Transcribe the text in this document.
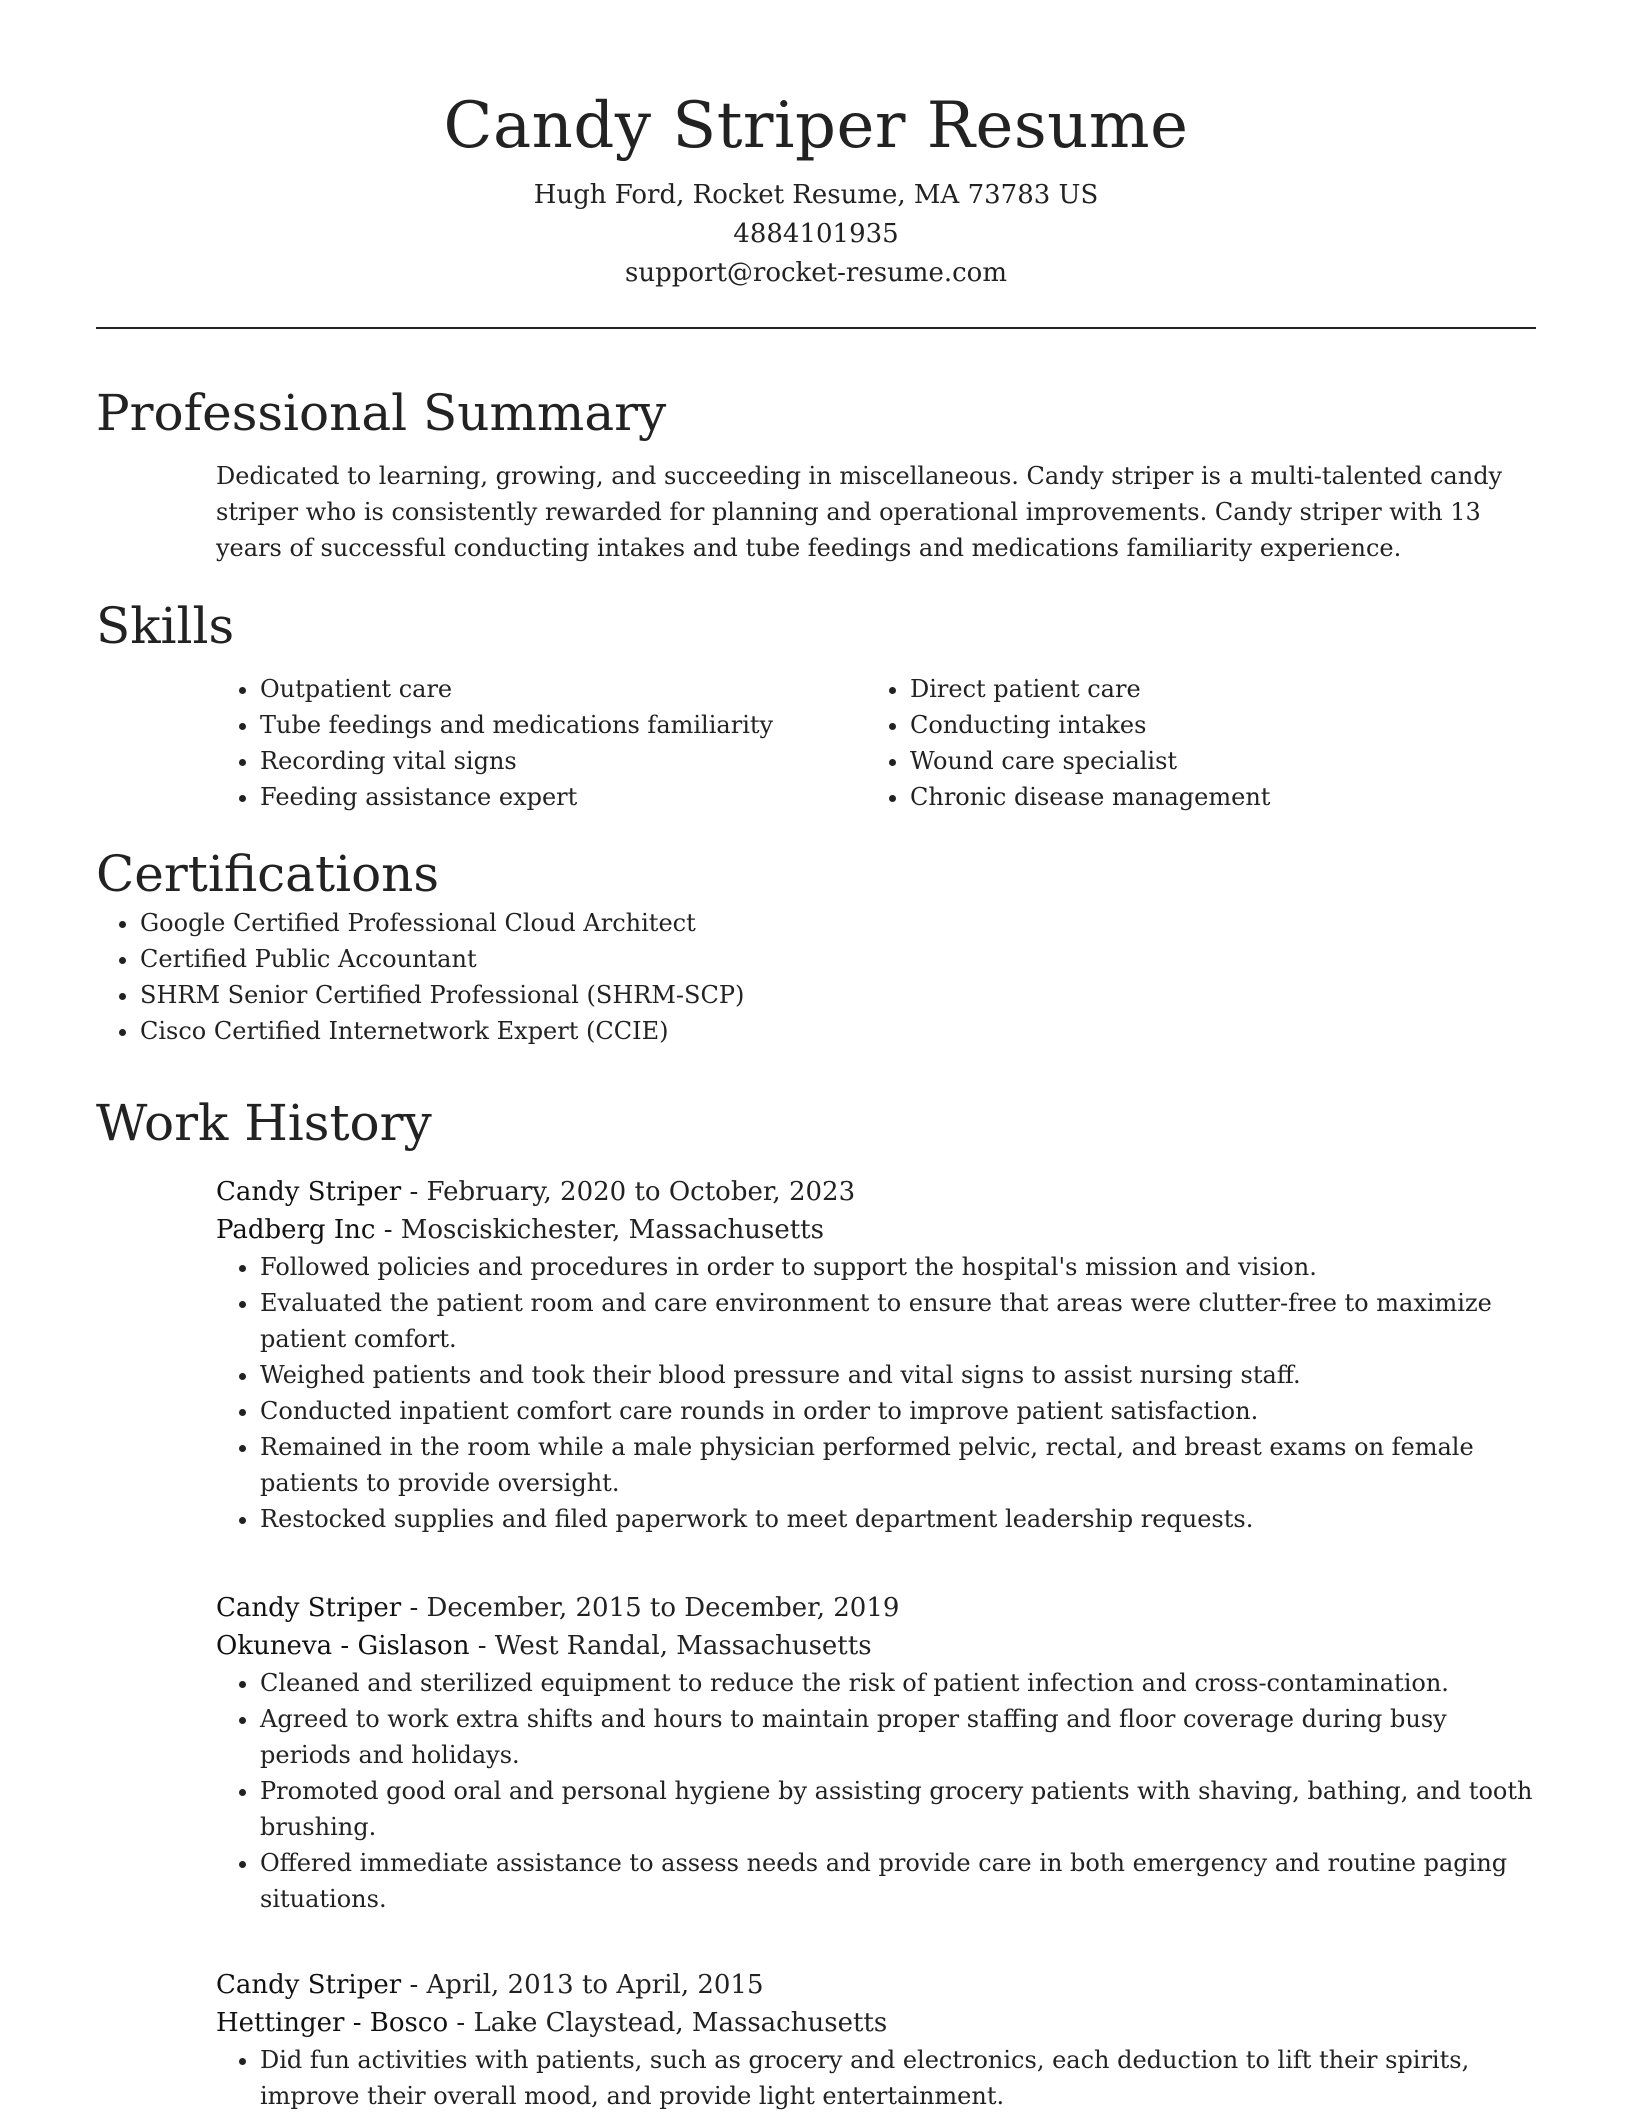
Candy Striper Resume
Hugh Ford, Rocket Resume, MA 73783 US
4884101935
support@rocket-resume.com
Professional Summary

Dedicated to learning, growing, and succeeding in miscellaneous. Candy striper is a multi-talented candy striper who is consistently rewarded for planning and operational improvements. Candy striper with 13 years of successful conducting intakes and tube feedings and medications familiarity experience.

Skills
• Outpatient care
• Tube feedings and medications familiarity
• Recording vital signs
• Feeding assistance expert
• Direct patient care
• Conducting intakes
• Wound care specialist
• Chronic disease management
Certifications
• Google Certified Professional Cloud Architect
• Certified Public Accountant
• SHRM Senior Certified Professional (SHRM-SCP)
• Cisco Certified Internetwork Expert (CCIE)
Work History
Candy Striper - February, 2020 to October, 2023
Padberg Inc - Mosciskichester, Massachusetts
• Followed policies and procedures in order to support the hospital's mission and vision.
• Evaluated the patient room and care environment to ensure that areas were clutter-free to maximize patient comfort.
• Weighed patients and took their blood pressure and vital signs to assist nursing staff.
• Conducted inpatient comfort care rounds in order to improve patient satisfaction.
• Remained in the room while a male physician performed pelvic, rectal, and breast exams on female patients to provide oversight.
• Restocked supplies and filed paperwork to meet department leadership requests.
Candy Striper - December, 2015 to December, 2019
Okuneva - Gislason - West Randal, Massachusetts
• Cleaned and sterilized equipment to reduce the risk of patient infection and cross-contamination.
• Agreed to work extra shifts and hours to maintain proper staffing and floor coverage during busy periods and holidays.
• Promoted good oral and personal hygiene by assisting grocery patients with shaving, bathing, and tooth brushing.
• Offered immediate assistance to assess needs and provide care in both emergency and routine paging situations.
Candy Striper - April, 2013 to April, 2015
Hettinger - Bosco - Lake Claystead, Massachusetts
• Did fun activities with patients, such as grocery and electronics, each deduction to lift their spirits, improve their overall mood, and provide light entertainment.
